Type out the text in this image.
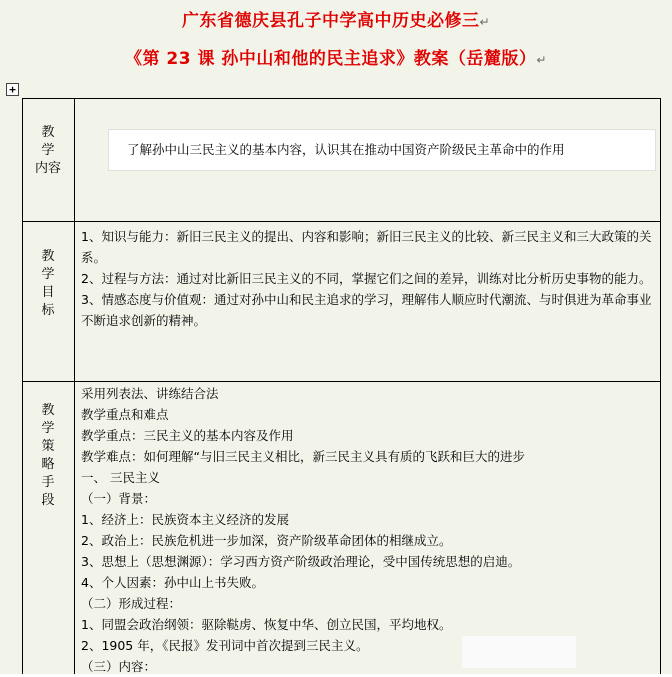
广东省德庆县孔子中学高中历史必修三↵
《第 23 课 孙中山和他的民主追求》教案（岳麓版）↵
+
教
学
内容
了解孙中山三民主义的基本内容，认识其在推动中国资产阶级民主革命中的作用
教
学
目
标
1、知识与能力：新旧三民主义的提出、内容和影响；新旧三民主义的比较、新三民主义和三大政策的关系。
2、过程与方法：通过对比新旧三民主义的不同，掌握它们之间的差异，训练对比分析历史事物的能力。
3、情感态度与价值观：通过对孙中山和民主追求的学习，理解伟人顺应时代潮流、与时俱进为革命事业不断追求创新的精神。
教
学
策
略
手
段
采用列表法、讲练结合法
教学重点和难点
教学重点：三民主义的基本内容及作用
教学难点：如何理解“与旧三民主义相比，新三民主义具有质的飞跃和巨大的进步
一、 三民主义
（一）背景：
1、经济上：民族资本主义经济的发展
2、政治上：民族危机进一步加深，资产阶级革命团体的相继成立。
3、思想上（思想渊源）：学习西方资产阶级政治理论，受中国传统思想的启迪。
4、个人因素：孙中山上书失败。
（二）形成过程：
1、同盟会政治纲领：驱除鞑虏、恢复中华、创立民国，平均地权。
2、1905 年，《民报》发刊词中首次提到三民主义。
（三）内容：
